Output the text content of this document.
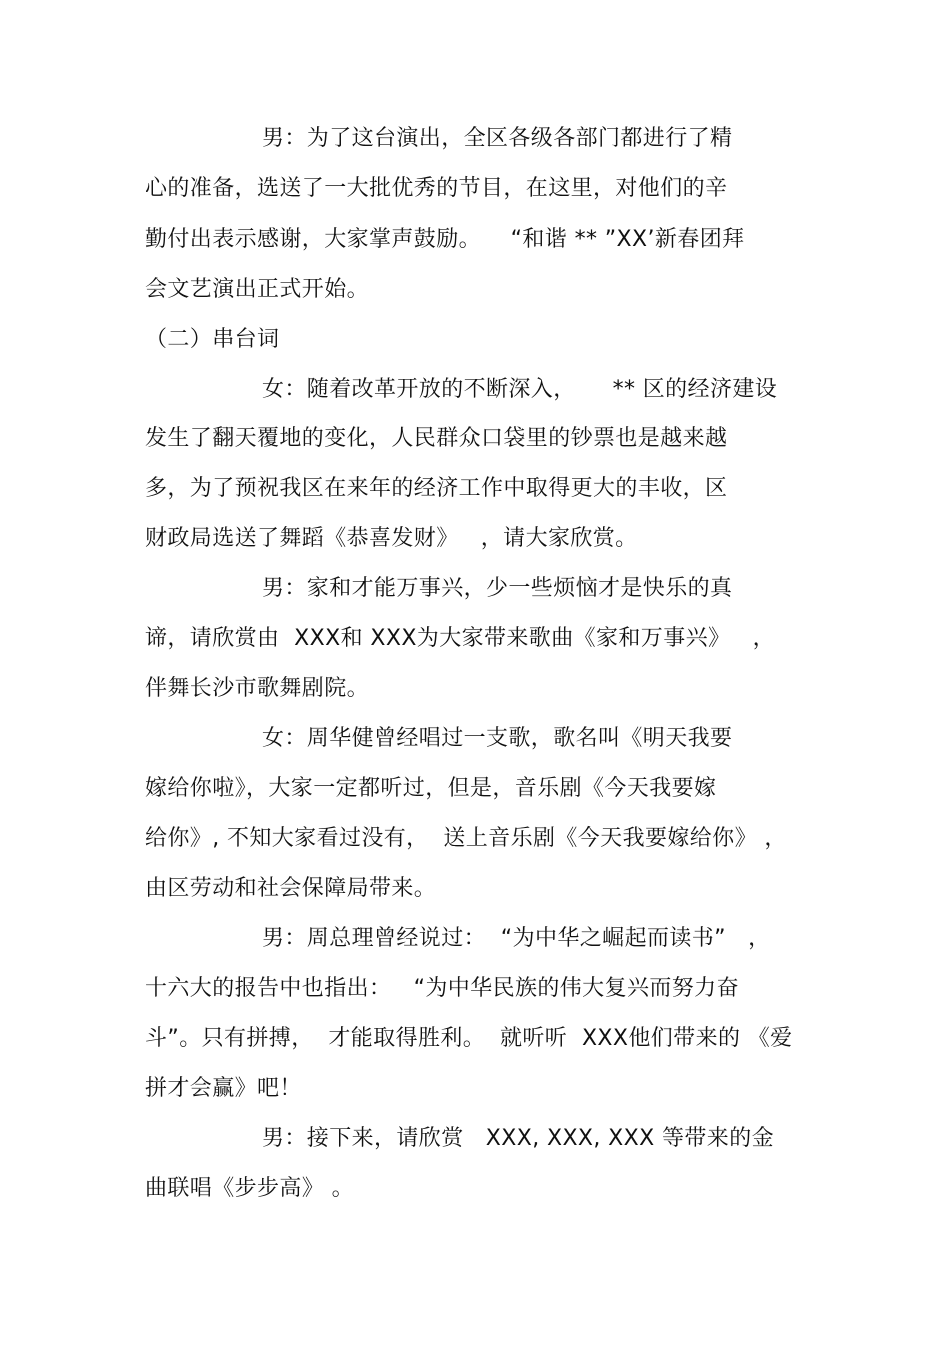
男：为了这台演出，全区各级各部门都进行了精
心的准备，选送了一大批优秀的节目，在这里，对他们的辛
勤付出表示感谢，大家掌声鼓励。    “和谐 ** ”XX’新春团拜
会文艺演出正式开始。
（二）串台词
女：随着改革开放的不断深入，     ** 区的经济建设
发生了翻天覆地的变化，人民群众口袋里的钞票也是越来越
多，为了预祝我区在来年的经济工作中取得更大的丰收，区
财政局选送了舞蹈《恭喜发财》   ，请大家欣赏。
男：家和才能万事兴，少一些烦恼才是快乐的真
谛，请欣赏由  XXX和 XXX为大家带来歌曲《家和万事兴》   ，
伴舞长沙市歌舞剧院。
女：周华健曾经唱过一支歌，歌名叫《明天我要
嫁给你啦》，大家一定都听过，但是，音乐剧《今天我要嫁
给你》, 不知大家看过没有，  送上音乐剧《今天我要嫁给你》 ，
由区劳动和社会保障局带来。
男：周总理曾经说过：  “为中华之崛起而读书”   ，
十六大的报告中也指出：   “为中华民族的伟大复兴而努力奋
斗”。只有拼搏，  才能取得胜利。  就听听  XXX他们带来的 《爱
拼才会赢》吧！
男：接下来，请欣赏   XXX, XXX, XXX 等带来的金
曲联唱《步步高》 。
